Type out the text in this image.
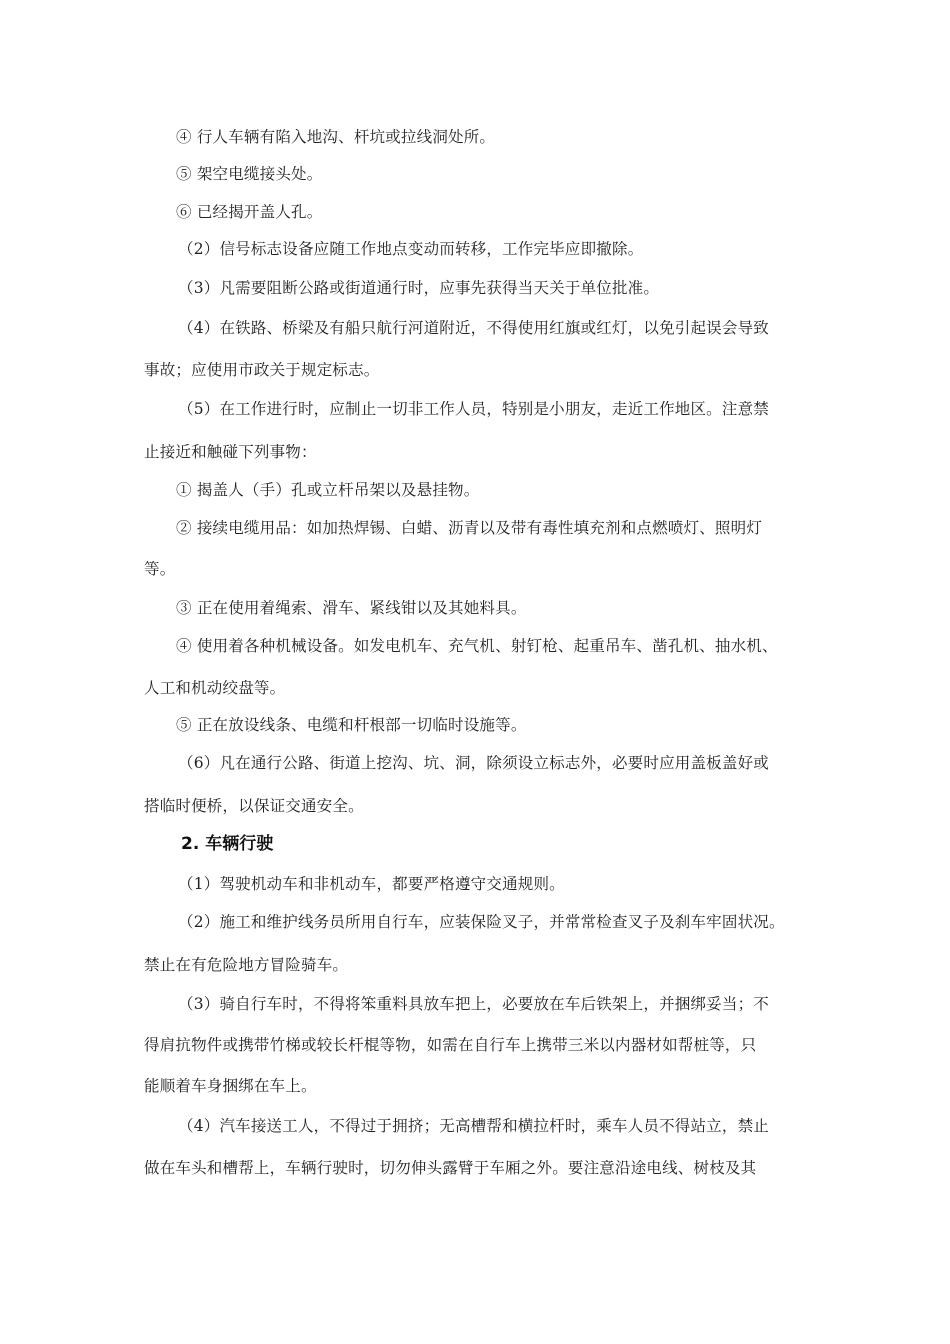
④ 行人车辆有陷入地沟、杆坑或拉线洞处所。
⑤ 架空电缆接头处。
⑥ 已经揭开盖人孔。
（2）信号标志设备应随工作地点变动而转移，工作完毕应即撤除。
（3）凡需要阻断公路或街道通行时，应事先获得当天关于单位批准。
（4）在铁路、桥梁及有船只航行河道附近，不得使用红旗或红灯，以免引起误会导致
事故；应使用市政关于规定标志。
（5）在工作进行时，应制止一切非工作人员，特别是小朋友，走近工作地区。注意禁
止接近和触碰下列事物：
① 揭盖人（手）孔或立杆吊架以及悬挂物。
② 接续电缆用品：如加热焊锡、白蜡、沥青以及带有毒性填充剂和点燃喷灯、照明灯
等。
③ 正在使用着绳索、滑车、紧线钳以及其她料具。
④ 使用着各种机械设备。如发电机车、充气机、射钉枪、起重吊车、凿孔机、抽水机、
人工和机动绞盘等。
⑤ 正在放设线条、电缆和杆根部一切临时设施等。
（6）凡在通行公路、街道上挖沟、坑、洞，除须设立标志外，必要时应用盖板盖好或
搭临时便桥，以保证交通安全。
2. 车辆行驶
（1）驾驶机动车和非机动车，都要严格遵守交通规则。
（2）施工和维护线务员所用自行车，应装保险叉子，并常常检查叉子及刹车牢固状况。
禁止在有危险地方冒险骑车。
（3）骑自行车时，不得将笨重料具放车把上，必要放在车后铁架上，并捆绑妥当；不
得肩抗物件或携带竹梯或较长杆棍等物，如需在自行车上携带三米以内器材如帮桩等，只
能顺着车身捆绑在车上。
（4）汽车接送工人，不得过于拥挤；无高槽帮和横拉杆时，乘车人员不得站立，禁止
做在车头和槽帮上，车辆行驶时，切勿伸头露臂于车厢之外。要注意沿途电线、树枝及其
